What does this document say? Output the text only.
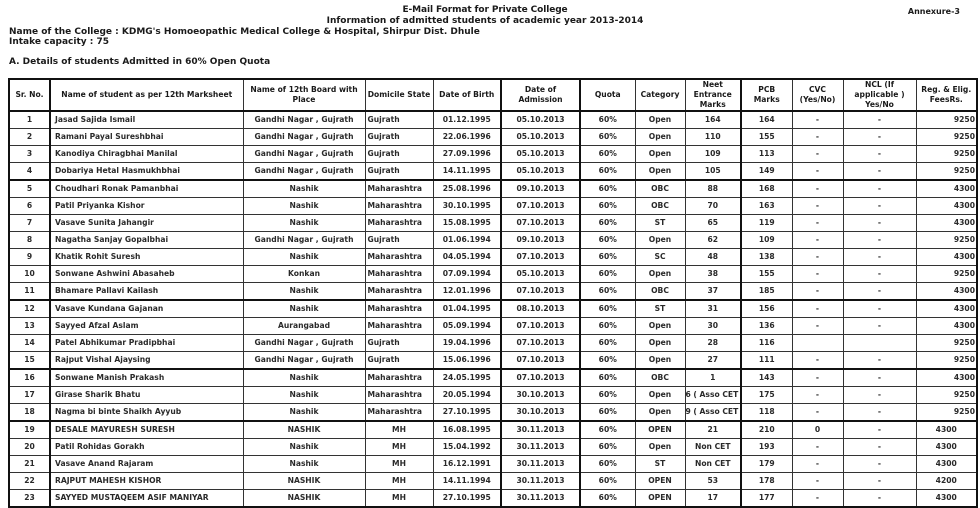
E-Mail Format for Private College
Information of admitted students of academic year 2013-2014
Annexure-3
Name of the College : KDMG's Homoeopathic Medical College & Hospital, Shirpur Dist. Dhule
Intake capacity : 75
A. Details of students Admitted in 60% Open Quota
Sr. No.	Name of student as per 12th Marksheet	Name of 12th Board with Place	Domicile State	Date of Birth	Date of Admission	Quota	Category	Neet Entrance Marks	PCB Marks	CVC (Yes/No)	NCL (If applicable ) Yes/No	Reg. & Elig. FeesRs.
1	Jasad Sajida Ismail	Gandhi Nagar , Gujrath	Gujrath	01.12.1995	05.10.2013	60%	Open	164	164	-	-	9250
2	Ramani Payal Sureshbhai	Gandhi Nagar , Gujrath	Gujrath	22.06.1996	05.10.2013	60%	Open	110	155	-	-	9250
3	Kanodiya Chiragbhai Manilal	Gandhi Nagar , Gujrath	Gujrath	27.09.1996	05.10.2013	60%	Open	109	113	-	-	9250
4	Dobariya Hetal Hasmukhbhai	Gandhi Nagar , Gujrath	Gujrath	14.11.1995	05.10.2013	60%	Open	105	149	-	-	9250
5	Choudhari Ronak Pamanbhai	Nashik	Maharashtra	25.08.1996	09.10.2013	60%	OBC	88	168	-	-	4300
6	Patil Priyanka Kishor	Nashik	Maharashtra	30.10.1995	07.10.2013	60%	OBC	70	163	-	-	4300
7	Vasave Sunita Jahangir	Nashik	Maharashtra	15.08.1995	07.10.2013	60%	ST	65	119	-	-	4300
8	Nagatha Sanjay Gopalbhai	Gandhi Nagar , Gujrath	Gujrath	01.06.1994	09.10.2013	60%	Open	62	109	-	-	9250
9	Khatik Rohit Suresh	Nashik	Maharashtra	04.05.1994	07.10.2013	60%	SC	48	138	-	-	4300
10	Sonwane Ashwini Abasaheb	Konkan	Maharashtra	07.09.1994	05.10.2013	60%	Open	38	155	-	-	9250
11	Bhamare Pallavi Kailash	Nashik	Maharashtra	12.01.1996	07.10.2013	60%	OBC	37	185	-	-	4300
12	Vasave Kundana Gajanan	Nashik	Maharashtra	01.04.1995	08.10.2013	60%	ST	31	156	-	-	4300
13	Sayyed Afzal Aslam	Aurangabad	Maharashtra	05.09.1994	07.10.2013	60%	Open	30	136	-	-	4300
14	Patel Abhikumar Pradipbhai	Gandhi Nagar , Gujrath	Gujrath	19.04.1996	07.10.2013	60%	Open	28	116			9250
15	Rajput Vishal Ajaysing	Gandhi Nagar , Gujrath	Gujrath	15.06.1996	07.10.2013	60%	Open	27	111	-	-	9250
16	Sonwane Manish Prakash	Nashik	Maharashtra	24.05.1995	07.10.2013	60%	OBC	1	143	-	-	4300
17	Girase Sharik Bhatu	Nashik	Maharashtra	20.05.1994	30.10.2013	60%	Open	6 ( Asso CET	175	-	-	9250
18	Nagma bi binte Shaikh Ayyub	Nashik	Maharashtra	27.10.1995	30.10.2013	60%	Open	9 ( Asso CET	118	-	-	9250
19	DESALE MAYURESH SURESH	NASHIK	MH	16.08.1995	30.11.2013	60%	OPEN	21	210	0	-	4300
20	Patil Rohidas Gorakh	Nashik	MH	15.04.1992	30.11.2013	60%	Open	Non CET	193	-	-	4300
21	Vasave Anand Rajaram	Nashik	MH	16.12.1991	30.11.2013	60%	ST	Non CET	179	-	-	4300
22	RAJPUT MAHESH KISHOR	NASHIK	MH	14.11.1994	30.11.2013	60%	OPEN	53	178	-	-	4200
23	SAYYED MUSTAQEEM ASIF MANIYAR	NASHIK	MH	27.10.1995	30.11.2013	60%	OPEN	17	177	-	-	4300
